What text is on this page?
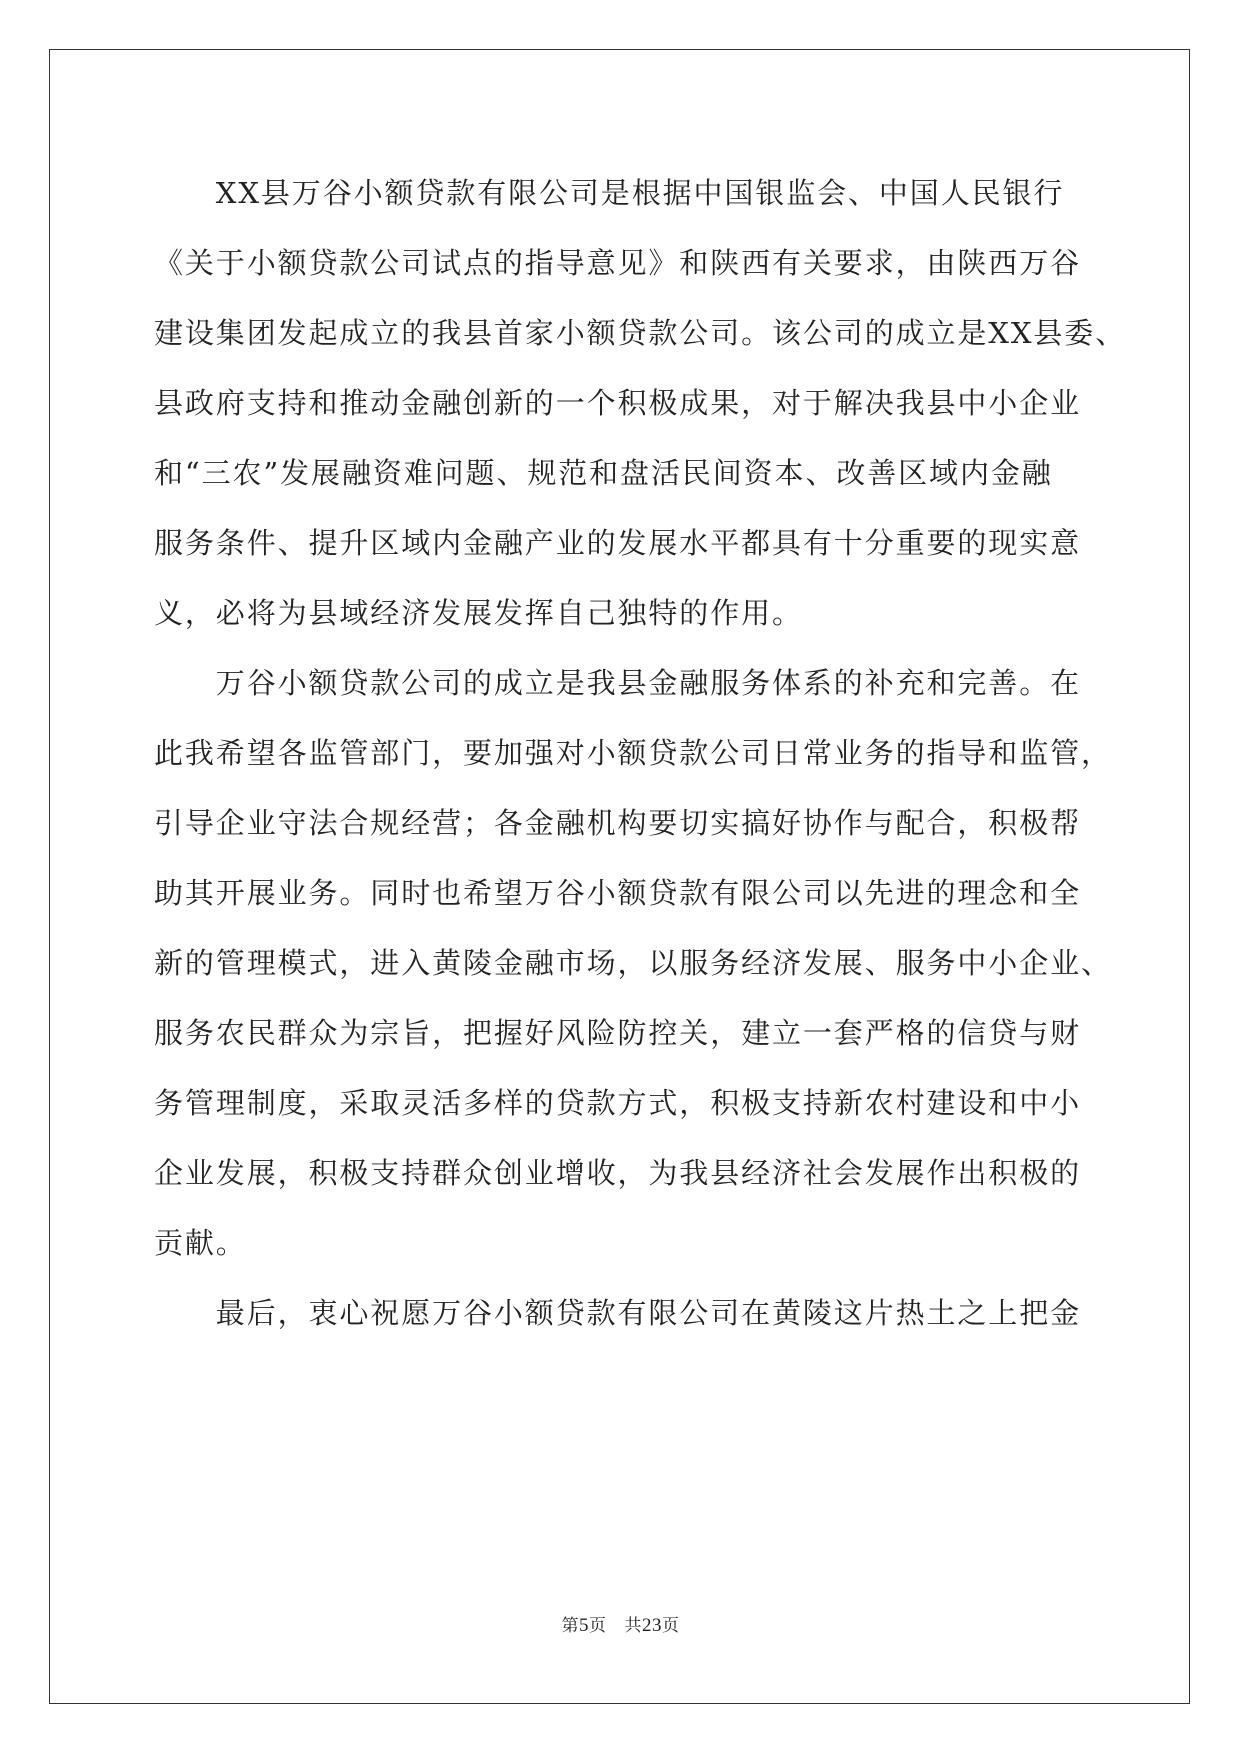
　　XX县万谷小额贷款有限公司是根据中国银监会、中国人民银行
《关于小额贷款公司试点的指导意见》和陕西有关要求，由陕西万谷
建设集团发起成立的我县首家小额贷款公司。该公司的成立是XX县委、
县政府支持和推动金融创新的一个积极成果，对于解决我县中小企业
和“三农”发展融资难问题、规范和盘活民间资本、改善区域内金融
服务条件、提升区域内金融产业的发展水平都具有十分重要的现实意
义，必将为县域经济发展发挥自己独特的作用。
　　万谷小额贷款公司的成立是我县金融服务体系的补充和完善。在
此我希望各监管部门，要加强对小额贷款公司日常业务的指导和监管，
引导企业守法合规经营；各金融机构要切实搞好协作与配合，积极帮
助其开展业务。同时也希望万谷小额贷款有限公司以先进的理念和全
新的管理模式，进入黄陵金融市场，以服务经济发展、服务中小企业、
服务农民群众为宗旨，把握好风险防控关，建立一套严格的信贷与财
务管理制度，采取灵活多样的贷款方式，积极支持新农村建设和中小
企业发展，积极支持群众创业增收，为我县经济社会发展作出积极的
贡献。
　　最后，衷心祝愿万谷小额贷款有限公司在黄陵这片热土之上把金
第5页 共23页
